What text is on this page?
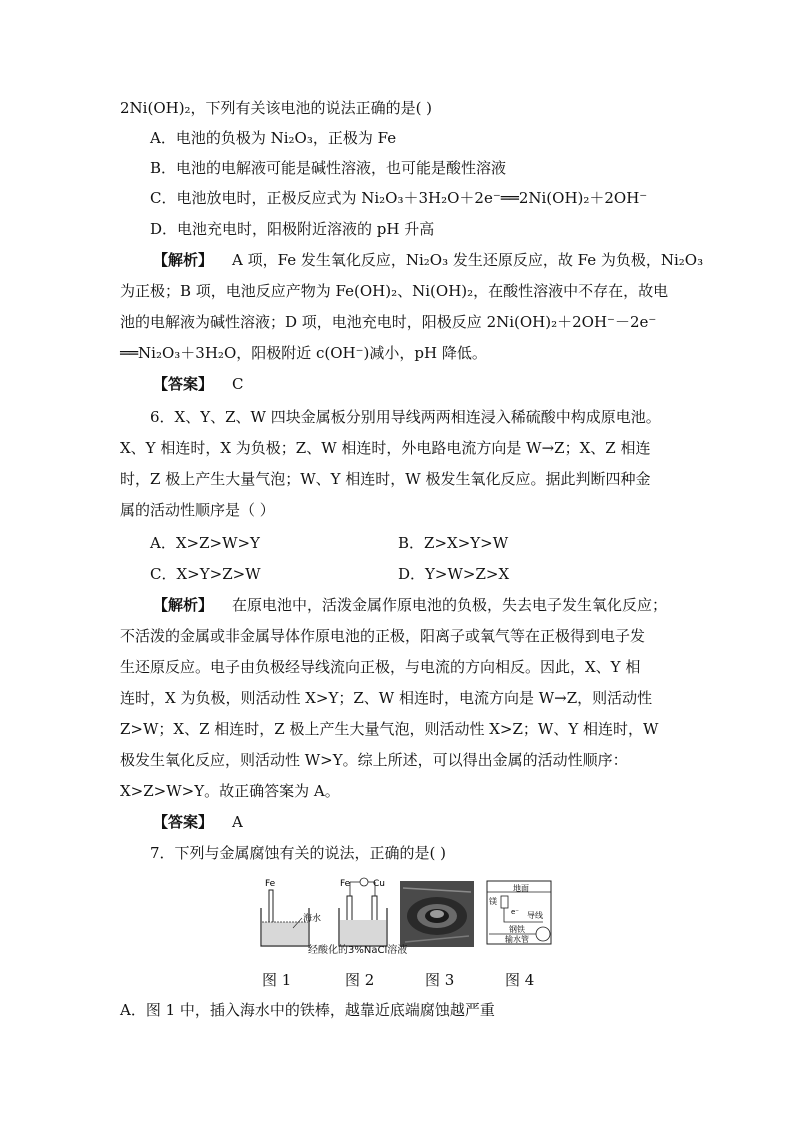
2Ni(OH)₂，下列有关该电池的说法正确的是( )
A．电池的负极为 Ni₂O₃，正极为 Fe
B．电池的电解液可能是碱性溶液，也可能是酸性溶液
C．电池放电时，正极反应式为 Ni₂O₃＋3H₂O＋2e⁻══2Ni(OH)₂＋2OH⁻
D．电池充电时，阳极附近溶液的 pH 升高
【解析】 A 项，Fe 发生氧化反应，Ni₂O₃ 发生还原反应，故 Fe 为负极，Ni₂O₃
为正极；B 项，电池反应产物为 Fe(OH)₂、Ni(OH)₂，在酸性溶液中不存在，故电
池的电解液为碱性溶液；D 项，电池充电时，阳极反应 2Ni(OH)₂＋2OH⁻－2e⁻
══Ni₂O₃＋3H₂O，阳极附近 c(OH⁻)减小，pH 降低。
【答案】 C
6．X、Y、Z、W 四块金属板分别用导线两两相连浸入稀硫酸中构成原电池。
X、Y 相连时，X 为负极；Z、W 相连时，外电路电流方向是 W→Z；X、Z 相连
时，Z 极上产生大量气泡；W、Y 相连时，W 极发生氧化反应。据此判断四种金
属的活动性顺序是（ ）
A．X>Z>W>Y	B．Z>X>Y>W
C．X>Y>Z>W	D．Y>W>Z>X
【解析】 在原电池中，活泼金属作原电池的负极，失去电子发生氧化反应；
不活泼的金属或非金属导体作原电池的正极，阳离子或氧气等在正极得到电子发
生还原反应。电子由负极经导线流向正极，与电流的方向相反。因此，X、Y 相
连时，X 为负极，则活动性 X>Y；Z、W 相连时，电流方向是 W→Z，则活动性
Z>W；X、Z 相连时，Z 极上产生大量气泡，则活动性 X>Z；W、Y 相连时，W
极发生氧化反应，则活动性 W>Y。综上所述，可以得出金属的活动性顺序：
X>Z>W>Y。故正确答案为 A。
【答案】 A
7．下列与金属腐蚀有关的说法，正确的是( )
Fe
海水
Fe	Cu	地面
镁
e⁻ 导线
钢铁
输水管
经酸化的3%NaCl溶液
图 1	图 2	图 3	图 4
A．图 1 中，插入海水中的铁棒，越靠近底端腐蚀越严重
